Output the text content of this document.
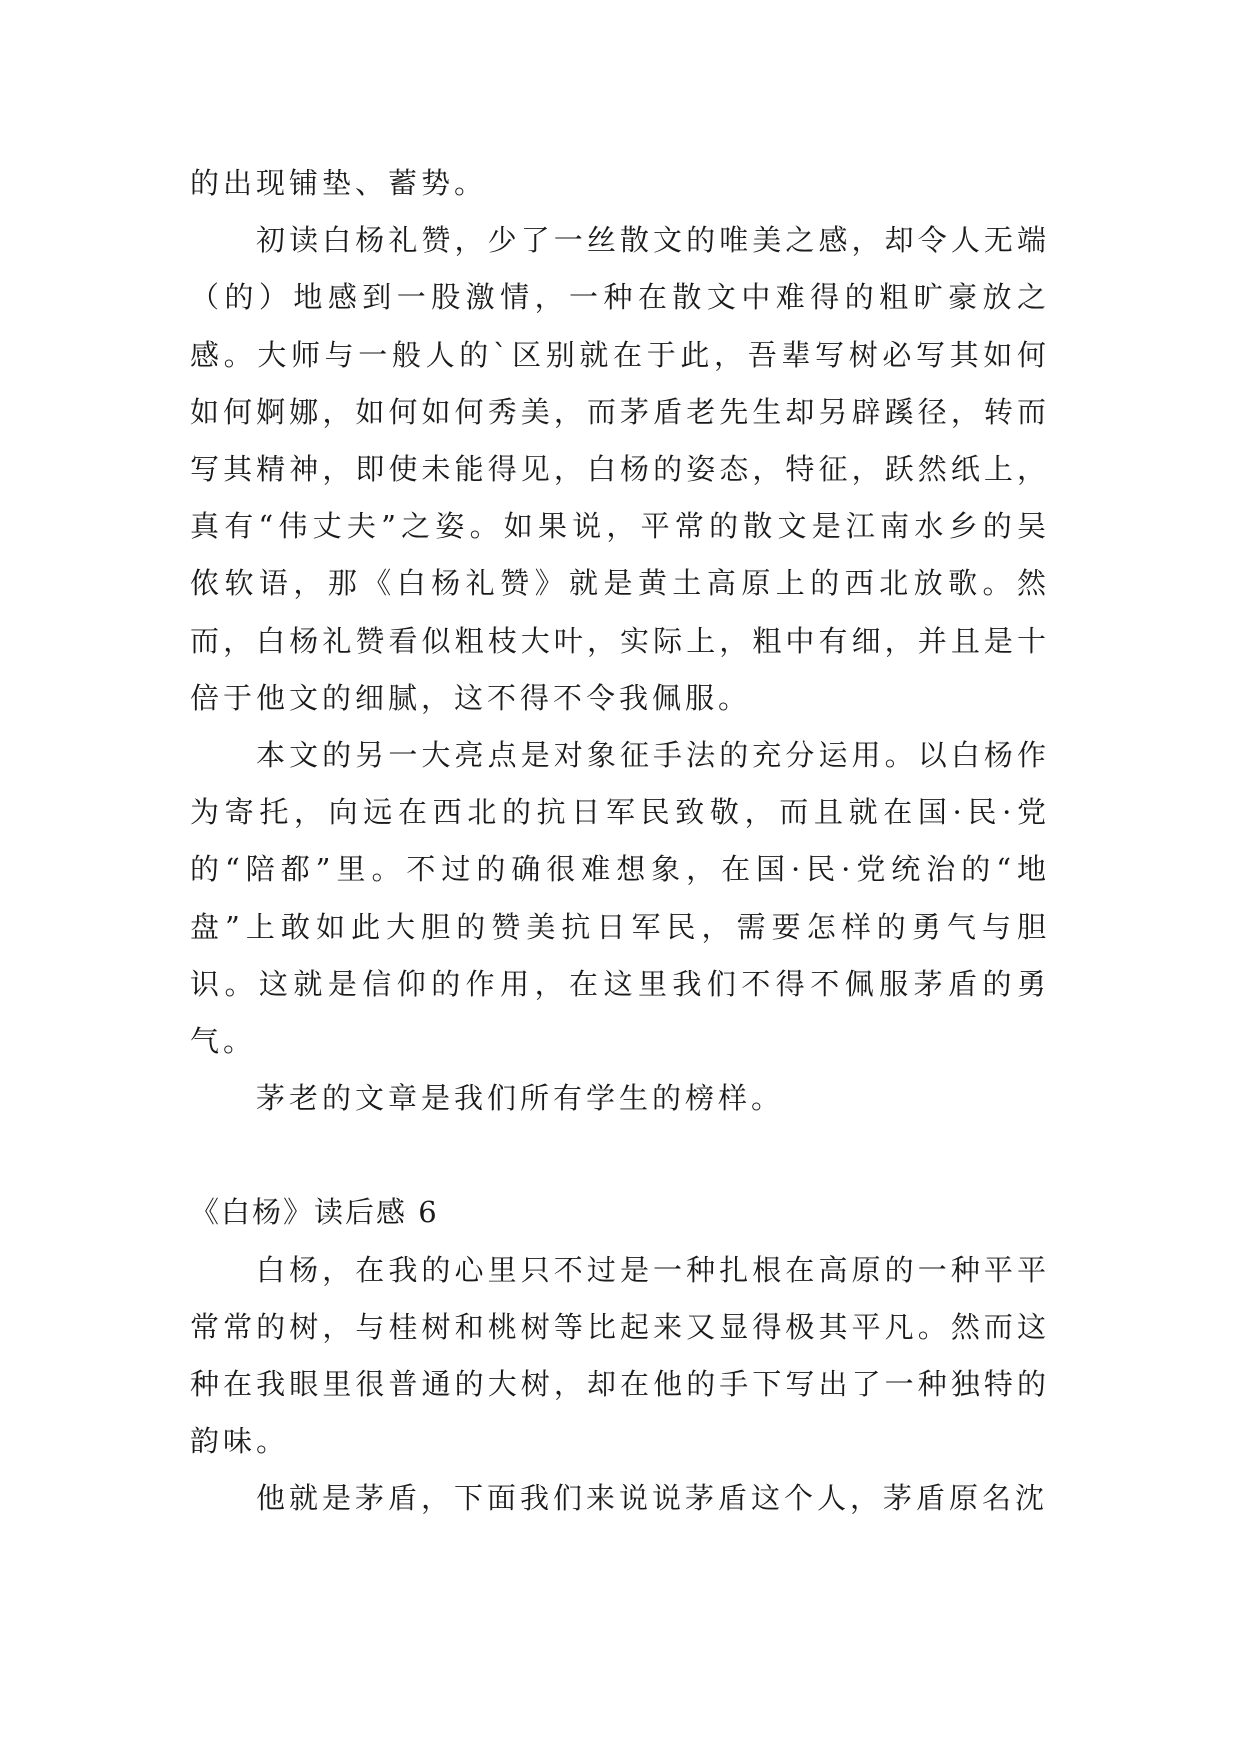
的出现铺垫、蓄势。

初读白杨礼赞，少了一丝散文的唯美之感，却令人无端（的）地感到一股激情，一种在散文中难得的粗旷豪放之感。大师与一般人的`区别就在于此，吾辈写树必写其如何如何婀娜，如何如何秀美，而茅盾老先生却另辟蹊径，转而写其精神，即使未能得见，白杨的姿态，特征，跃然纸上，真有“伟丈夫”之姿。如果说，平常的散文是江南水乡的吴侬软语，那《白杨礼赞》就是黄土高原上的西北放歌。然而，白杨礼赞看似粗枝大叶，实际上，粗中有细，并且是十倍于他文的细腻，这不得不令我佩服。

本文的另一大亮点是对象征手法的充分运用。以白杨作为寄托，向远在西北的抗日军民致敬，而且就在国·民·党的“陪都”里。不过的确很难想象，在国·民·党统治的“地盘”上敢如此大胆的赞美抗日军民，需要怎样的勇气与胆识。这就是信仰的作用，在这里我们不得不佩服茅盾的勇气。

茅老的文章是我们所有学生的榜样。

《白杨》读后感 6

白杨，在我的心里只不过是一种扎根在高原的一种平平常常的树，与桂树和桃树等比起来又显得极其平凡。然而这种在我眼里很普通的大树，却在他的手下写出了一种独特的韵味。

他就是茅盾，下面我们来说说茅盾这个人，茅盾原名沈
